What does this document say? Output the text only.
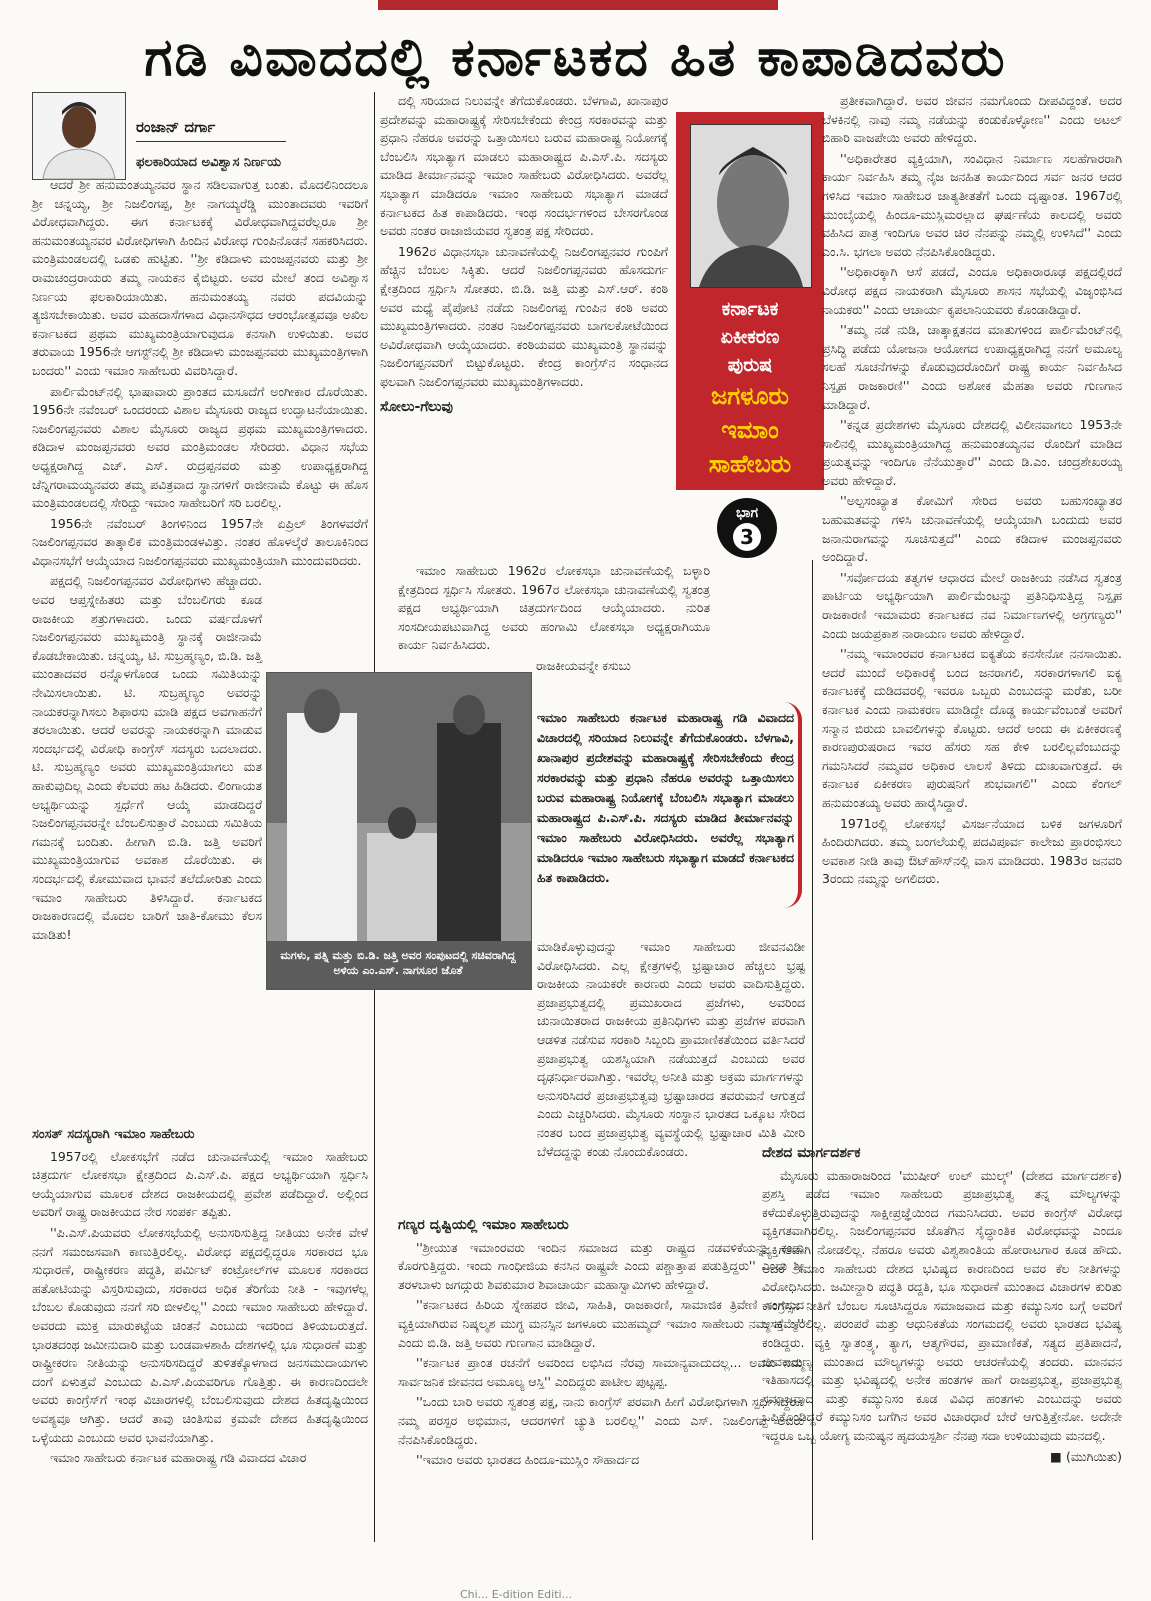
ಗಡಿ ವಿವಾದದಲ್ಲಿ ಕರ್ನಾಟಕದ ಹಿತ ಕಾಪಾಡಿದವರು
ರಂಜಾನ್ ದರ್ಗಾ
ಫಲಕಾರಿಯಾದ ಅವಿಶ್ವಾಸ ನಿರ್ಣಯ

ಆದರೆ ಶ್ರೀ ಹನುಮಂತಯ್ಯನವರ ಸ್ಥಾನ ಸಡಿಲವಾಗುತ್ತ ಬಂತು. ಮೊದಲಿನಿಂದಲೂ ಶ್ರೀ ಚನ್ನಯ್ಯ, ಶ್ರೀ ನಿಜಲಿಂಗಪ್ಪ, ಶ್ರೀ ನಾಗಯ್ಯರೆಡ್ಡಿ ಮುಂತಾದವರು ಇವರಿಗೆ ವಿರೋಧವಾಗಿದ್ದರು. ಈಗ ಕರ್ನಾಟಕಕ್ಕೆ ವಿರೋಧವಾಗಿದ್ದವರೆಲ್ಲರೂ ಶ್ರೀ ಹನುಮಂತಯ್ಯನವರ ವಿರೋಧಿಗಳಾಗಿ ಹಿಂದಿನ ವಿರೋಧ ಗುಂಪಿನೊಡನೆ ಸಹಕರಿಸಿದರು. ಮಂತ್ರಿಮಂಡಲದಲ್ಲಿ ಒಡಕು ಹುಟ್ಟಿತು. ''ಶ್ರೀ ಕಡಿದಾಳು ಮಂಜಪ್ಪನವರು ಮತ್ತು ಶ್ರೀ ರಾಮಚಂದ್ರರಾಯರು ತಮ್ಮ ನಾಯಕನ ಕೈಬಿಟ್ಟರು. ಅವರ ಮೇಲೆ ತಂದ ಅವಿಶ್ವಾಸ ನಿರ್ಣಯ ಫಲಕಾರಿಯಾಯಿತು. ಹನುಮಂತಯ್ಯ ನವರು ಪದವಿಯನ್ನು ತ್ಯಜಿಸಬೇಕಾಯಿತು. ಅವರ ಮಹದಾಸೆಗಳಾದ ವಿಧಾನಸೌಧದ ಆರಂಭೋತ್ಸವವೂ ಅಖಿಲ ಕರ್ನಾಟಕದ ಪ್ರಥಮ ಮುಖ್ಯಮಂತ್ರಿಯಾಗುವುದೂ ಕನಸಾಗಿ ಉಳಿಯಿತು. ಅವರ ತರುವಾಯ 1956ನೇ ಆಗಸ್ಟ್‌ನಲ್ಲಿ ಶ್ರೀ ಕಡಿದಾಳು ಮಂಜಪ್ಪನವರು ಮುಖ್ಯಮಂತ್ರಿಗಳಾಗಿ ಬಂದರು'' ಎಂದು ಇಮಾಂ ಸಾಹೇಬರು ವಿವರಿಸಿದ್ದಾರೆ.

ಪಾರ್ಲಿಮೆಂಟ್‌ನಲ್ಲಿ ಭಾಷಾವಾರು ಪ್ರಾಂತದ ಮಸೂದೆಗೆ ಅಂಗೀಕಾರ ದೊರೆಯಿತು. 1956ನೇ ನವೆಂಬರ್ ಒಂದರಂದು ವಿಶಾಲ ಮೈಸೂರು ರಾಜ್ಯದ ಉದ್ಘಾಟನೆಯಾಯಿತು. ನಿಜಲಿಂಗಪ್ಪನವರು ವಿಶಾಲ ಮೈಸೂರು ರಾಜ್ಯದ ಪ್ರಥಮ ಮುಖ್ಯಮಂತ್ರಿಗಳಾದರು. ಕಡಿದಾಳ ಮಂಜಪ್ಪನವರು ಅವರ ಮಂತ್ರಿಮಂಡಲ ಸೇರಿದರು. ವಿಧಾನ ಸಭೆಯ ಅಧ್ಯಕ್ಷರಾಗಿದ್ದ ಎಚ್. ಎಸ್. ರುದ್ರಪ್ಪನವರು ಮತ್ತು ಉಪಾಧ್ಯಕ್ಷರಾಗಿದ್ದ ಚೆನ್ನಿಗರಾಮಯ್ಯನವರು ತಮ್ಮ ಪವಿತ್ರವಾದ ಸ್ಥಾನಗಳಿಗೆ ರಾಜೀನಾಮೆ ಕೊಟ್ಟು ಈ ಹೊಸ ಮಂತ್ರಿಮಂಡಲದಲ್ಲಿ ಸೇರಿದ್ದು ಇಮಾಂ ಸಾಹೇಬರಿಗೆ ಸರಿ ಬರಲಿಲ್ಲ.

1956ನೇ ನವೆಂಬರ್ ತಿಂಗಳಿನಿಂದ 1957ನೇ ಏಪ್ರಿಲ್ ತಿಂಗಳವರೆಗೆ ನಿಜಲಿಂಗಪ್ಪನವರ ತಾತ್ಕಾಲಿಕ ಮಂತ್ರಿಮಂಡಳವಿತ್ತು. ನಂತರ ಹೊಳಲ್ಕೆರೆ ತಾಲೂಕಿನಿಂದ ವಿಧಾನಸಭೆಗೆ ಆಯ್ಕೆಯಾದ ನಿಜಲಿಂಗಪ್ಪನವರು ಮುಖ್ಯಮಂತ್ರಿಯಾಗಿ ಮುಂದುವರಿದರು.

ಪಕ್ಷದಲ್ಲಿ ನಿಜಲಿಂಗಪ್ಪನವರ ವಿರೋಧಿಗಳು ಹೆಚ್ಚಾದರು. ಅವರ ಆಪ್ತಸ್ನೇಹಿತರು ಮತ್ತು ಬೆಂಬಲಿಗರು ಕೂಡ ರಾಜಕೀಯ ಶತ್ರುಗಳಾದರು. ಒಂದು ವರ್ಷದೊಳಗೆ ನಿಜಲಿಂಗಪ್ಪನವರು ಮುಖ್ಯಮಂತ್ರಿ ಸ್ಥಾನಕ್ಕೆ ರಾಜೀನಾಮೆ ಕೊಡಬೇಕಾಯಿತು. ಚನ್ನಯ್ಯ, ಟಿ. ಸುಬ್ರಹ್ಮಣ್ಯಂ, ಬಿ.ಡಿ. ಜತ್ತಿ ಮುಂತಾದವರ ರನ್ನೊಳಗೊಂಡ ಒಂದು ಸಮಿತಿಯನ್ನು ನೇಮಿಸಲಾಯಿತು. ಟಿ. ಸುಬ್ರಹ್ಮಣ್ಯಂ ಅವರನ್ನು ನಾಯಕರನ್ನಾಗಿಸಲು ಶಿಫಾರಸು ಮಾಡಿ ಪಕ್ಷದ ಅವಗಾಹನೆಗೆ ತರಲಾಯಿತು. ಆದರೆ ಅವರನ್ನು ನಾಯಕರನ್ನಾಗಿ ಮಾಡುವ ಸಂದರ್ಭದಲ್ಲಿ ವಿರೋಧಿ ಕಾಂಗ್ರೆಸ್ ಸದಸ್ಯರು ಬದಲಾದರು. ಟಿ. ಸುಬ್ರಹ್ಮಣ್ಯಂ ಅವರು ಮುಖ್ಯಮಂತ್ರಿಯಾಗಲು ಮತ ಹಾಕುವುದಿಲ್ಲ ಎಂದು ಕೆಲವರು ಹಟ ಹಿಡಿದರು. ಲಿಂಗಾಯತ ಅಭ್ಯರ್ಥಿಯನ್ನು ಸ್ಪರ್ಧೆಗೆ ಆಯ್ಕೆ ಮಾಡದಿದ್ದರೆ ನಿಜಲಿಂಗಪ್ಪನವರನ್ನೇ ಬೆಂಬಲಿಸುತ್ತಾರೆ ಎಂಬುದು ಸಮಿತಿಯ ಗಮನಕ್ಕೆ ಬಂದಿತು. ಹೀಗಾಗಿ ಬಿ.ಡಿ. ಜತ್ತಿ ಅವರಿಗೆ ಮುಖ್ಯಮಂತ್ರಿಯಾಗುವ ಅವಕಾಶ ದೊರೆಯಿತು. ಈ ಸಂದರ್ಭದಲ್ಲಿ ಕೋಮುವಾದ ಭಾವನೆ ತಲೆದೋರಿತು ಎಂದು ಇಮಾಂ ಸಾಹೇಬರು ತಿಳಿಸಿದ್ದಾರೆ. ಕರ್ನಾಟಕದ ರಾಜಕಾರಣದಲ್ಲಿ ಮೊದಲ ಬಾರಿಗೆ ಜಾತಿ-ಕೋಮು ಕೆಲಸ ಮಾಡಿತು!

ಸಂಸತ್ ಸದಸ್ಯರಾಗಿ ಇಮಾಂ ಸಾಹೇಬರು

1957ರಲ್ಲಿ ಲೋಕಸಭೆಗೆ ನಡೆದ ಚುನಾವಣೆಯಲ್ಲಿ ಇಮಾಂ ಸಾಹೇಬರು ಚಿತ್ರದುರ್ಗ ಲೋಕಸಭಾ ಕ್ಷೇತ್ರದಿಂದ ಪಿ.ಎಸ್.ಪಿ. ಪಕ್ಷದ ಅಭ್ಯರ್ಥಿಯಾಗಿ ಸ್ಪರ್ಧಿಸಿ ಆಯ್ಕೆಯಾಗುವ ಮೂಲಕ ದೇಶದ ರಾಜಕೀಯದಲ್ಲಿ ಪ್ರವೇಶ ಪಡೆದಿದ್ದಾರೆ. ಅಲ್ಲಿಂದ ಅವರಿಗೆ ರಾಷ್ಟ್ರ ರಾಜಕೀಯದ ನೇರ ಸಂಪರ್ಕ ತಪ್ಪಿತು.

''ಪಿ.ಎಸ್.ಪಿಯವರು ಲೋಕಸಭೆಯಲ್ಲಿ ಅನುಸರಿಸುತ್ತಿದ್ದ ನೀತಿಯು ಅನೇಕ ವೇಳೆ ನನಗೆ ಸಮಂಜಸವಾಗಿ ಕಾಣುತ್ತಿರಲಿಲ್ಲ. ವಿರೋಧ ಪಕ್ಷದಲ್ಲಿದ್ದರೂ ಸರಕಾರದ ಭೂ ಸುಧಾರಣೆ, ರಾಷ್ಟ್ರೀಕರಣ ಪದ್ಧತಿ, ಪರ್ಮಿಟ್ ಕಂಟ್ರೋಲ್‌ಗಳ ಮೂಲಕ ಸರಕಾರದ ಹತೋಟಿಯನ್ನು ವಿಸ್ತರಿಸುವುದು, ಸರಕಾರದ ಅಧಿಕ ತೆರಿಗೆಯ ನೀತಿ - ಇವುಗಳೆಲ್ಲ ಬೆಂಬಲ ಕೊಡುವುದು ನನಗೆ ಸರಿ ಬೀಳಲಿಲ್ಲ'' ಎಂದು ಇಮಾಂ ಸಾಹೇಬರು ಹೇಳಿದ್ದಾರೆ. ಅವರದು ಮುಕ್ತ ಮಾರುಕಟ್ಟೆಯ ಚಿಂತನೆ ಎಂಬುದು ಇದರಿಂದ ತಿಳಿಯಬರುತ್ತದೆ. ಭಾರತದಂಥ ಜಮೀನುದಾರಿ ಮತ್ತು ಬಂಡವಾಳಶಾಹಿ ದೇಶಗಳಲ್ಲಿ ಭೂ ಸುಧಾರಣೆ ಮತ್ತು ರಾಷ್ಟ್ರೀಕರಣ ನೀತಿಯನ್ನು ಅನುಸರಿಸದಿದ್ದರೆ ತುಳಿತಕ್ಕೊಳಗಾದ ಜನಸಮುದಾಯಗಳು ದಂಗೆ ಏಳುತ್ತವೆ ಎಂಬುದು ಪಿ.ಎಸ್.ಪಿಯವರಿಗೂ ಗೊತ್ತಿತ್ತು. ಈ ಕಾರಣದಿಂದಲೇ ಅವರು ಕಾಂಗ್ರೆಸ್‌ಗೆ ಇಂಥ ವಿಚಾರಗಳಲ್ಲಿ ಬೆಂಬಲಿಸುವುದು ದೇಶದ ಹಿತದೃಷ್ಟಿಯಿಂದ ಅವಶ್ಯವೂ ಆಗಿತ್ತು. ಆದರೆ ತಾವು ಚಿಂತಿಸುವ ಕ್ರಮವೇ ದೇಶದ ಹಿತದೃಷ್ಟಿಯಿಂದ ಒಳ್ಳೆಯದು ಎಂಬುದು ಅವರ ಭಾವನೆಯಾಗಿತ್ತು.

ಇಮಾಂ ಸಾಹೇಬರು ಕರ್ನಾಟಕ ಮಹಾರಾಷ್ಟ್ರ ಗಡಿ ವಿವಾದದ ವಿಚಾರ

ದಲ್ಲಿ ಸರಿಯಾದ ನಿಲುವನ್ನೇ ತೆಗೆದುಕೊಂಡರು. ಬೆಳಗಾವಿ, ಖಾನಾಪುರ ಪ್ರದೇಶವನ್ನು ಮಹಾರಾಷ್ಟ್ರಕ್ಕೆ ಸೇರಿಸಬೇಕೆಂದು ಕೇಂದ್ರ ಸರಕಾರವನ್ನು ಮತ್ತು ಪ್ರಧಾನಿ ನೆಹರೂ ಅವರನ್ನು ಒತ್ತಾಯಿಸಲು ಬರುವ ಮಹಾರಾಷ್ಟ್ರ ನಿಯೋಗಕ್ಕೆ ಬೆಂಬಲಿಸಿ ಸಭಾತ್ಯಾಗ ಮಾಡಲು ಮಹಾರಾಷ್ಟ್ರದ ಪಿ.ಎಸ್.ಪಿ. ಸದಸ್ಯರು ಮಾಡಿದ ತೀರ್ಮಾನವನ್ನು ಇಮಾಂ ಸಾಹೇಬರು ವಿರೋಧಿಸಿದರು. ಅವರೆಲ್ಲ ಸಭಾತ್ಯಾಗ ಮಾಡಿದರೂ ಇಮಾಂ ಸಾಹೇಬರು ಸಭಾತ್ಯಾಗ ಮಾಡದೆ ಕರ್ನಾಟಕದ ಹಿತ ಕಾಪಾಡಿದರು. ಇಂಥ ಸಂದರ್ಭಗಳಿಂದ ಬೇಸರಗೊಂಡ ಅವರು ನಂತರ ರಾಜಾಜಿಯವರ ಸ್ವತಂತ್ರ ಪಕ್ಷ ಸೇರಿದರು.

1962ರ ವಿಧಾನಸಭಾ ಚುನಾವಣೆಯಲ್ಲಿ ನಿಜಲಿಂಗಪ್ಪನವರ ಗುಂಪಿಗೆ ಹೆಚ್ಚಿನ ಬೆಂಬಲ ಸಿಕ್ಕಿತು. ಆದರೆ ನಿಜಲಿಂಗಪ್ಪನವರು ಹೊಸದುರ್ಗ ಕ್ಷೇತ್ರದಿಂದ ಸ್ಪರ್ಧಿಸಿ ಸೋತರು. ಬಿ.ಡಿ. ಜತ್ತಿ ಮತ್ತು ಎಸ್.ಆರ್. ಕಂಠಿ ಅವರ ಮಧ್ಯೆ ಪೈಪೋಟಿ ನಡೆದು ನಿಜಲಿಂಗಪ್ಪ ಗುಂಪಿನ ಕಂಠಿ ಅವರು ಮುಖ್ಯಮಂತ್ರಿಗಳಾದರು. ನಂತರ ನಿಜಲಿಂಗಪ್ಪನವರು ಬಾಗಲಕೋಟೆಯಿಂದ ಅವಿರೋಧವಾಗಿ ಆಯ್ಕೆಯಾದರು. ಕಂಠಿಯವರು ಮುಖ್ಯಮಂತ್ರಿ ಸ್ಥಾನವನ್ನು ನಿಜಲಿಂಗಪ್ಪನವರಿಗೆ ಬಿಟ್ಟುಕೊಟ್ಟರು. ಕೇಂದ್ರ ಕಾಂಗ್ರೆಸ್‌ನ ಸಂಧಾನದ ಫಲವಾಗಿ ನಿಜಲಿಂಗಪ್ಪನವರು ಮುಖ್ಯಮಂತ್ರಿಗಳಾದರು.

ಸೋಲು-ಗೆಲುವು

ಇಮಾಂ ಸಾಹೇಬರು 1962ರ ಲೋಕಸಭಾ ಚುನಾವಣೆಯಲ್ಲಿ ಬಳ್ಳಾರಿ ಕ್ಷೇತ್ರದಿಂದ ಸ್ಪರ್ಧಿಸಿ ಸೋತರು. 1967ರ ಲೋಕಸಭಾ ಚುನಾವಣೆಯಲ್ಲಿ ಸ್ವತಂತ್ರ ಪಕ್ಷದ ಅಭ್ಯರ್ಥಿಯಾಗಿ ಚಿತ್ರದುರ್ಗದಿಂದ ಆಯ್ಕೆಯಾದರು. ನುರಿತ ಸಂಸದೀಯಪಟುವಾಗಿದ್ದ ಅವರು ಹಂಗಾಮಿ ಲೋಕಸಭಾ ಅಧ್ಯಕ್ಷರಾಗಿಯೂ ಕಾರ್ಯ ನಿರ್ವಹಿಸಿದರು.

ರಾಜಕೀಯವನ್ನೇ ಕಸುಬು

ಕರ್ನಾಟಕ
ಏಕೀಕರಣ
ಪುರುಷ
ಜಗಳೂರು
ಇಮಾಂ
ಸಾಹೇಬರು
ಭಾಗ
3
ಮಗಳು, ಪತ್ನಿ ಮತ್ತು ಬಿ.ಡಿ. ಜತ್ತಿ ಅವರ ಸಂಪುಟದಲ್ಲಿ ಸಚಿವರಾಗಿದ್ದ ಅಳಿಯ ಎಂ.ಎಸ್. ನಾಗಸೂರ ಜೊತೆ
ಇಮಾಂ ಸಾಹೇಬರು ಕರ್ನಾಟಕ ಮಹಾರಾಷ್ಟ್ರ ಗಡಿ ವಿವಾದದ ವಿಚಾರದಲ್ಲಿ ಸರಿಯಾದ ನಿಲುವನ್ನೇ ತೆಗೆದುಕೊಂಡರು. ಬೆಳಗಾವಿ, ಖಾನಾಪುರ ಪ್ರದೇಶವನ್ನು ಮಹಾರಾಷ್ಟ್ರಕ್ಕೆ ಸೇರಿಸಬೇಕೆಂದು ಕೇಂದ್ರ ಸರಕಾರವನ್ನು ಮತ್ತು ಪ್ರಧಾನಿ ನೆಹರೂ ಅವರನ್ನು ಒತ್ತಾಯಿಸಲು ಬರುವ ಮಹಾರಾಷ್ಟ್ರ ನಿಯೋಗಕ್ಕೆ ಬೆಂಬಲಿಸಿ ಸಭಾತ್ಯಾಗ ಮಾಡಲು ಮಹಾರಾಷ್ಟ್ರದ ಪಿ.ಎಸ್.ಪಿ. ಸದಸ್ಯರು ಮಾಡಿದ ತೀರ್ಮಾನವನ್ನು ಇಮಾಂ ಸಾಹೇಬರು ವಿರೋಧಿಸಿದರು. ಅವರೆಲ್ಲ ಸಭಾತ್ಯಾಗ ಮಾಡಿದರೂ ಇಮಾಂ ಸಾಹೇಬರು ಸಭಾತ್ಯಾಗ ಮಾಡದೆ ಕರ್ನಾಟಕದ ಹಿತ ಕಾಪಾಡಿದರು.

ಮಾಡಿಕೊಳ್ಳುವುದನ್ನು ಇಮಾಂ ಸಾಹೇಬರು ಜೀವನವಿಡೀ ವಿರೋಧಿಸಿದರು. ಎಲ್ಲ ಕ್ಷೇತ್ರಗಳಲ್ಲಿ ಭ್ರಷ್ಟಾಚಾರ ಹೆಚ್ಚಲು ಭ್ರಷ್ಟ ರಾಜಕೀಯ ನಾಯಕರೇ ಕಾರಣರು ಎಂದು ಅವರು ವಾದಿಸುತ್ತಿದ್ದರು. ಪ್ರಜಾಪ್ರಭುತ್ವದಲ್ಲಿ ಪ್ರಮುಖರಾದ ಪ್ರಜೆಗಳು, ಅವರಿಂದ ಚುನಾಯಿತರಾದ ರಾಜಕೀಯ ಪ್ರತಿನಿಧಿಗಳು ಮತ್ತು ಪ್ರಜೆಗಳ ಪರವಾಗಿ ಆಡಳಿತ ನಡೆಸುವ ಸರಕಾರಿ ಸಿಬ್ಬಂದಿ ಪ್ರಾಮಾಣಿಕತೆಯಿಂದ ವರ್ತಿಸಿದರೆ ಪ್ರಜಾಪ್ರಭುತ್ವ ಯಶಸ್ವಿಯಾಗಿ ನಡೆಯುತ್ತದೆ ಎಂಬುದು ಅವರ ದೃಢನಿರ್ಧಾರವಾಗಿತ್ತು. ಇವರೆಲ್ಲ ಅನೀತಿ ಮತ್ತು ಅಕ್ರಮ ಮಾರ್ಗಗಳನ್ನು ಅನುಸರಿಸಿದರೆ ಪ್ರಜಾಪ್ರಭುತ್ವವು ಭ್ರಷ್ಟಾಚಾರದ ತವರುಮನೆ ಆಗುತ್ತದೆ ಎಂದು ಎಚ್ಚರಿಸಿದರು. ಮೈಸೂರು ಸಂಸ್ಥಾನ ಭಾರತದ ಒಕ್ಕೂಟ ಸೇರಿದ ನಂತರ ಬಂದ ಪ್ರಜಾಪ್ರಭುತ್ವ ವ್ಯವಸ್ಥೆಯಲ್ಲಿ ಭ್ರಷ್ಟಾಚಾರ ಮಿತಿ ಮೀರಿ ಬೆಳೆದದ್ದನ್ನು ಕಂಡು ನೊಂದುಕೊಂಡರು.

ಗಣ್ಯರ ದೃಷ್ಟಿಯಲ್ಲಿ ಇಮಾಂ ಸಾಹೇಬರು

''ಶ್ರೀಯುತ ಇಮಾಂರವರು ಇಂದಿನ ಸಮಾಜದ ಮತ್ತು ರಾಷ್ಟ್ರದ ನಡವಳಿಕೆಯನ್ನು ಕಂಡು ಕೊರಗುತ್ತಿದ್ದರು. ಇಂದು ಗಾಂಧೀಜಿಯ ಕನಸಿನ ರಾಷ್ಟ್ರವೇ ಎಂದು ಪಶ್ಚಾತ್ತಾಪ ಪಡುತ್ತಿದ್ದರು'' ಎಂದು ಶ್ರೀ ತರಳಬಾಳು ಜಗದ್ಗುರು ಶಿವಕುಮಾರ ಶಿವಾಚಾರ್ಯ ಮಹಾಸ್ವಾಮಿಗಳು ಹೇಳಿದ್ದಾರೆ.

''ಕರ್ನಾಟಕದ ಹಿರಿಯ ಸ್ನೇಹಪರ ಜೀವಿ, ಸಾಹಿತಿ, ರಾಜಕಾರಣಿ, ಸಾಮಾಜಿಕ ತ್ರಿವೇಣಿ ಸಂಗಮದ ವ್ಯಕ್ತಿಯಾಗಿರುವ ನಿಷ್ಕಲ್ಮಶ ಮುಗ್ಧ ಮನಸ್ಸಿನ ಜಗಳೂರು ಮುಹಮ್ಮದ್ ಇಮಾಂ ಸಾಹೇಬರು ನಮ್ಮ ಹೆಮ್ಮೆ'' ಎಂದು ಬಿ.ಡಿ. ಜತ್ತಿ ಅವರು ಗುಣಗಾನ ಮಾಡಿದ್ದಾರೆ.

''ಕರ್ನಾಟಕ ಪ್ರಾಂತ ರಚನೆಗೆ ಅವರಿಂದ ಲಭಿಸಿದ ನೆರವು ಸಾಮಾನ್ಯವಾದುದಲ್ಲ... ಅವರು ನಮ್ಮ ಸಾರ್ವಜನಿಕ ಜೀವನದ ಅಮೂಲ್ಯ ಆಸ್ತಿ'' ಎಂದಿದ್ದರು ಪಾಟೀಲ ಪುಟ್ಟಪ್ಪ.

''ಒಂದು ಬಾರಿ ಅವರು ಸ್ವತಂತ್ರ ಪಕ್ಷ, ನಾನು ಕಾಂಗ್ರೆಸ್ ಪರವಾಗಿ ಹೀಗೆ ವಿರೋಧಿಗಳಾಗಿ ಸ್ಪರ್ಧಿಸಿದ್ದರೂ ನಮ್ಮ ಪರಸ್ಪರ ಅಭಿಮಾನ, ಆದರಗಳಿಗೆ ಚ್ಯುತಿ ಬರಲಿಲ್ಲ'' ಎಂದು ಎಸ್. ನಿಜಲಿಂಗಪ್ಪ ಅವರು ನೆನಪಿಸಿಕೊಂಡಿದ್ದರು.

''ಇಮಾಂ ಅವರು ಭಾರತದ ಹಿಂದೂ-ಮುಸ್ಲಿಂ ಸೌಹಾರ್ದದ

ಪ್ರತೀಕವಾಗಿದ್ದಾರೆ. ಅವರ ಜೀವನ ನಮಗೊಂದು ದೀಪವಿದ್ದಂತೆ. ಅದರ ಬೆಳಕಿನಲ್ಲಿ ನಾವು ನಮ್ಮ ನಡೆಯನ್ನು ಕಂಡುಕೊಳ್ಳೋಣ'' ಎಂದು ಅಟಲ್ ಬಿಹಾರಿ ವಾಜಪೇಯಿ ಅವರು ಹೇಳಿದ್ದರು.

''ಅಧಿಕಾರೇತರ ವ್ಯಕ್ತಿಯಾಗಿ, ಸಂವಿಧಾನ ನಿರ್ಮಾಣ ಸಲಹೆಗಾರರಾಗಿ ಕಾರ್ಯ ನಿರ್ವಹಿಸಿ ತಮ್ಮ ನೈಜ ಜನಹಿತ ಕಾರ್ಯದಿಂದ ಸರ್ವ ಜನರ ಆದರ ಗಳಿಸಿದ ಇಮಾಂ ಸಾಹೇಬರ ಜಾತ್ಯತೀತತೆಗೆ ಒಂದು ದೃಷ್ಟಾಂತ. 1967ರಲ್ಲಿ ಮುಂಬೈಯಲ್ಲಿ ಹಿಂದೂ-ಮುಸ್ಲಿಮರಲ್ಲಾದ ಘರ್ಷಣೆಯ ಕಾಲದಲ್ಲಿ ಅವರು ವಹಿಸಿದ ಪಾತ್ರ ಇಂದಿಗೂ ಅವರ ಚಿರ ನೆನಪನ್ನು ನಮ್ಮಲ್ಲಿ ಉಳಿಸಿದೆ'' ಎಂದು ಎಂ.ಸಿ. ಭಗಲಾ ಅವರು ನೆನಪಿಸಿಕೊಂಡಿದ್ದರು.

''ಅಧಿಕಾರಕ್ಕಾಗಿ ಆಸೆ ಪಡದೆ, ಎಂದೂ ಅಧಿಕಾರಾರೂಢ ಪಕ್ಷದಲ್ಲಿರದೆ ವಿರೋಧ ಪಕ್ಷದ ನಾಯಕರಾಗಿ ಮೈಸೂರು ಶಾಸನ ಸಭೆಯಲ್ಲಿ ವಿಜೃಂಭಿಸಿದ ನಾಯಕರು'' ಎಂದು ಆಚಾರ್ಯ ಕೃಪಲಾನಿಯವರು ಕೊಂಡಾಡಿದ್ದಾರೆ.

''ತಮ್ಮ ನಡೆ ನುಡಿ, ಚಾತ್ಕಾಕ್ಷತನದ ಮಾತುಗಳಿಂದ ಪಾರ್ಲಿಮೆಂಟ್‌ನಲ್ಲಿ ಪ್ರಸಿದ್ಧಿ ಪಡೆದು ಯೋಜನಾ ಆಯೋಗದ ಉಪಾಧ್ಯಕ್ಷರಾಗಿದ್ದ ನನಗೆ ಅಮೂಲ್ಯ ಸಲಹೆ ಸೂಚನೆಗಳನ್ನು ಕೊಡುವುದರೊಂದಿಗೆ ರಾಷ್ಟ್ರ ಕಾರ್ಯ ನಿರ್ವಹಿಸಿದ ನಿಸ್ಪೃಹ ರಾಜಕಾರಣಿ'' ಎಂದು ಅಶೋಕ ಮೆಹತಾ ಅವರು ಗುಣಗಾನ ಮಾಡಿದ್ದಾರೆ.

''ಕನ್ನಡ ಪ್ರದೇಶಗಳು ಮೈಸೂರು ದೇಶದಲ್ಲಿ ವಿಲೀನವಾಗಲು 1953ನೇ ಸಾಲಿನಲ್ಲಿ ಮುಖ್ಯಮಂತ್ರಿಯಾಗಿದ್ದ ಹನುಮಂತಯ್ಯನವ ರೊಂದಿಗೆ ಮಾಡಿದ ಪ್ರಯತ್ನವನ್ನು ಇಂದಿಗೂ ನೆನೆಯುತ್ತಾರೆ'' ಎಂದು ಡಿ.ಎಂ. ಚಂದ್ರಶೇಖರಯ್ಯ ಅವರು ಹೇಳಿದ್ದಾರೆ.

''ಅಲ್ಪಸಂಖ್ಯಾತ ಕೋಮಿಗೆ ಸೇರಿದ ಅವರು ಬಹುಸಂಖ್ಯಾತರ ಬಹುಮತವನ್ನು ಗಳಿಸಿ ಚುನಾವಣೆಯಲ್ಲಿ ಆಯ್ಕೆಯಾಗಿ ಬಂದುದು ಅವರ ಜನಾನುರಾಗವನ್ನು ಸೂಚಿಸುತ್ತದೆ'' ಎಂದು ಕಡಿದಾಳ ಮಂಜಪ್ಪನವರು ಅಂದಿದ್ದಾರೆ.

''ಸರ್ವೋದಯ ತತ್ವಗಳ ಆಧಾರದ ಮೇಲೆ ರಾಜಕೀಯ ನಡೆಸಿದ ಸ್ವತಂತ್ರ ಪಾರ್ಟಿಯ ಅಭ್ಯರ್ಥಿಯಾಗಿ ಪಾರ್ಲಿಮೆಂಟನ್ನು ಪ್ರತಿನಿಧಿಸುತ್ತಿದ್ದ ನಿಸ್ಪೃಹ ರಾಜಕಾರಣಿ ಇಮಾಮರು ಕರ್ನಾಟಕದ ನವ ನಿರ್ಮಾಣಗಳಲ್ಲಿ ಅಗ್ರಗಣ್ಯರು'' ಎಂದು ಜಯಪ್ರಕಾಶ ನಾರಾಯಣ ಅವರು ಹೇಳಿದ್ದಾರೆ.

''ನಮ್ಮ ಇಮಾಂರವರ ಕರ್ನಾಟಕದ ಐಕ್ಯತೆಯ ಕನಸೇನೋ ನನಸಾಯಿತು. ಆದರೆ ಮುಂದೆ ಅಧಿಕಾರಕ್ಕೆ ಬಂದ ಜನರಾಗಲಿ, ಸರಕಾರಗಳಾಗಲಿ ಐಕ್ಯ ಕರ್ನಾಟಕಕ್ಕೆ ದುಡಿದವರಲ್ಲಿ ಇವರೂ ಒಬ್ಬರು ಎಂಬುದನ್ನು ಮರೆತು, ಬರೀ ಕರ್ನಾಟಕ ಎಂದು ನಾಮಕರಣ ಮಾಡಿದ್ದೇ ದೊಡ್ಡ ಕಾರ್ಯವೆಂಬಂತೆ ಅವರಿಗೆ ಸನ್ಮಾನ ಬಿರುದು ಬಾವಲಿಗಳನ್ನು ಕೊಟ್ಟರು. ಆದರೆ ಅಂದು ಈ ಏಕೀಕರಣಕ್ಕೆ ಕಾರಣಪುರುಷರಾದ ಇವರ ಹೆಸರು ಸಹ ಕೇಳಿ ಬರಲಿಲ್ಲವೆಂಬುದನ್ನು ಗಮನಿಸಿದರೆ ನಮ್ಮವರ ಅಧಿಕಾರ ಲಾಲಸೆ ತಿಳಿದು ದುಃಖವಾಗುತ್ತದೆ. ಈ ಕರ್ನಾಟಕ ಏಕೀಕರಣ ಪುರುಷನಿಗೆ ಶುಭವಾಗಲಿ'' ಎಂದು ಕೆಂಗಲ್ ಹನುಮಂತಯ್ಯ ಅವರು ಹಾರೈಸಿದ್ದಾರೆ.

1971ರಲ್ಲಿ ಲೋಕಸಭೆ ವಿಸರ್ಜನೆಯಾದ ಬಳಿಕ ಜಗಳೂರಿಗೆ ಹಿಂದಿರುಗಿದರು. ತಮ್ಮ ಬಂಗಲೆಯಲ್ಲಿ ಪದವಿಪೂರ್ವ ಕಾಲೇಜು ಪ್ರಾರಂಭಿಸಲು ಅವಕಾಶ ನೀಡಿ ತಾವು ಔಟ್‌ಹೌಸ್‌ನಲ್ಲಿ ವಾಸ ಮಾಡಿದರು. 1983ರ ಜನವರಿ 3ರಂದು ನಮ್ಮನ್ನು ಅಗಲಿದರು.

ದೇಶದ ಮಾರ್ಗದರ್ಶಕ

ಮೈಸೂರು ಮಹಾರಾಜರಿಂದ 'ಮುಷೀರ್ ಉಲ್ ಮುಲ್ಕ್' (ದೇಶದ ಮಾರ್ಗದರ್ಶಕ) ಪ್ರಶಸ್ತಿ ಪಡೆದ ಇಮಾಂ ಸಾಹೇಬರು ಪ್ರಜಾಪ್ರಭುತ್ವ ತನ್ನ ಮೌಲ್ಯಗಳನ್ನು ಕಳೆದುಕೊಳ್ಳುತ್ತಿರುವುದನ್ನು ಸಾಕ್ಷೀಪ್ರಜ್ಞೆಯಿಂದ ಗಮನಿಸಿದರು. ಅವರ ಕಾಂಗ್ರೆಸ್ ವಿರೋಧ ವ್ಯಕ್ತಿಗತವಾಗಿರಲಿಲ್ಲ. ನಿಜಲಿಂಗಪ್ಪನವರ ಜೊತೆಗಿನ ಸೈದ್ಧಾಂತಿಕ ವಿರೋಧವನ್ನು ಎಂದೂ ವ್ಯಕ್ತಿಗತವಾಗಿ ನೋಡಲಿಲ್ಲ. ನೆಹರೂ ಅವರು ವಿಶ್ವಶಾಂತಿಯ ಹೋರಾಟಗಾರ ಕೂಡ ಹೌದು. ಆದರೆ ಇಮಾಂ ಸಾಹೇಬರು ದೇಶದ ಭವಿಷ್ಯದ ಕಾರಣದಿಂದ ಅವರ ಕೆಲ ನೀತಿಗಳನ್ನು ವಿರೋಧಿಸಿದರು. ಜಮೀನ್ದಾರಿ ಪದ್ಧತಿ ರದ್ದತಿ, ಭೂ ಸುಧಾರಣೆ ಮುಂತಾದ ವಿಚಾರಗಳ ಕುರಿತು ಕಾಂಗ್ರೆಸ್ಸಿನ ನೀತಿಗೆ ಬೆಂಬಲ ಸೂಚಿಸಿದ್ದರೂ ಸಮಾಜವಾದ ಮತ್ತು ಕಮ್ಯುನಿಸಂ ಬಗ್ಗೆ ಅವರಿಗೆ ಆಸಕ್ತಿ ಇರಲಿಲ್ಲ. ಪರಂಪರೆ ಮತ್ತು ಆಧುನಿಕತೆಯ ಸಂಗಮದಲ್ಲಿ ಅವರು ಭಾರತದ ಭವಿಷ್ಯ ಕಂಡಿದ್ದರು. ವ್ಯಕ್ತಿ ಸ್ವಾತಂತ್ರ್ಯ, ತ್ಯಾಗ, ಆತ್ಮಗೌರವ, ಪ್ರಾಮಾಣಿಕತೆ, ಸತ್ಯದ ಪ್ರತಿಪಾದನೆ, ಜೀವಕಾರುಣ್ಯ ಮುಂತಾದ ಮೌಲ್ಯಗಳನ್ನು ಅವರು ಆಚರಣೆಯಲ್ಲಿ ತಂದರು. ಮಾನವನ ಇತಿಹಾಸದಲ್ಲಿ ಮತ್ತು ಭವಿಷ್ಯದಲ್ಲಿ ಅನೇಕ ಹಂತಗಳ ಹಾಗೆ ರಾಜಪ್ರಭುತ್ವ, ಪ್ರಜಾಪ್ರಭುತ್ವ ಸಮಾಜವಾದ ಮತ್ತು ಕಮ್ಯುನಿಸಂ ಕೂಡ ವಿವಿಧ ಹಂತಗಳು ಎಂಬುದನ್ನು ಅವರು ಒಪ್ಪಿಕೊಂಡಿದ್ದರೆ ಕಮ್ಯುನಿಸಂ ಬಗೆಗಿನ ಅವರ ವಿಚಾರಧಾರೆ ಬೇರೆ ಆಗುತ್ತಿತ್ತೇನೋ. ಅದೇನೇ ಇದ್ದರೂ ಒಬ್ಬ ಯೋಗ್ಯ ಮನುಷ್ಯನ ಹೃದಯಸ್ಪರ್ಶಿ ನೆನಪು ಸದಾ ಉಳಿಯುವುದು ಮನದಲ್ಲಿ.

■ (ಮುಗಿಯಿತು)
Chi... E-dition Editi...
